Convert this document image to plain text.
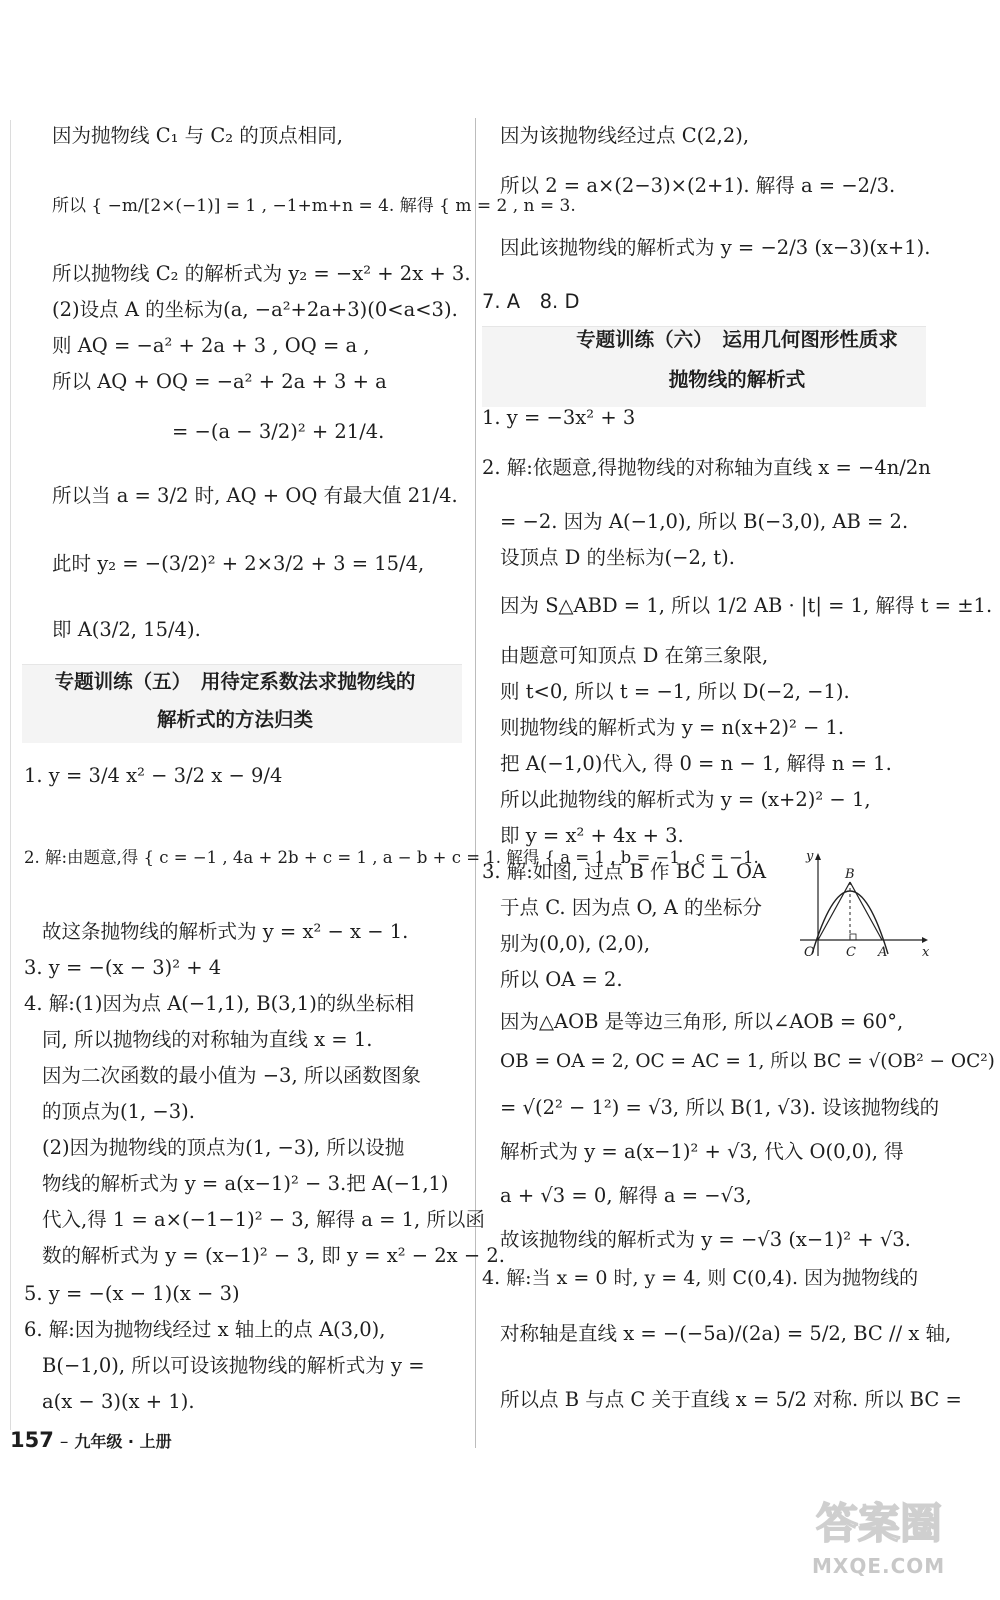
因为抛物线 C₁ 与 C₂ 的顶点相同,
所以 { −m/[2×(−1)] = 1 , −1+m+n = 4. 解得 { m = 2 , n = 3.
所以抛物线 C₂ 的解析式为 y₂ = −x² + 2x + 3.
(2)设点 A 的坐标为(a, −a²+2a+3)(0<a<3).
则 AQ = −a² + 2a + 3 , OQ = a ,
所以 AQ + OQ = −a² + 2a + 3 + a
= −(a − 3/2)² + 21/4.
所以当 a = 3/2 时, AQ + OQ 有最大值 21/4.
此时 y₂ = −(3/2)² + 2×3/2 + 3 = 15/4,
即 A(3/2, 15/4).
专题训练（五）　用待定系数法求抛物线的
解析式的方法归类
1. y = 3/4 x² − 3/2 x − 9/4
2. 解:由题意,得 { c = −1 , 4a + 2b + c = 1 , a − b + c = 1. 解得 { a = 1 , b = −1 , c = −1.
故这条抛物线的解析式为 y = x² − x − 1.
3. y = −(x − 3)² + 4
4. 解:(1)因为点 A(−1,1), B(3,1)的纵坐标相
同, 所以抛物线的对称轴为直线 x = 1.
因为二次函数的最小值为 −3, 所以函数图象
的顶点为(1, −3).
(2)因为抛物线的顶点为(1, −3), 所以设抛
物线的解析式为 y = a(x−1)² − 3.把 A(−1,1)
代入,得 1 = a×(−1−1)² − 3, 解得 a = 1, 所以函
数的解析式为 y = (x−1)² − 3, 即 y = x² − 2x − 2.
5. y = −(x − 1)(x − 3)
6. 解:因为抛物线经过 x 轴上的点 A(3,0),
B(−1,0), 所以可设该抛物线的解析式为 y =
a(x − 3)(x + 1).
因为该抛物线经过点 C(2,2),
所以 2 = a×(2−3)×(2+1). 解得 a = −2/3.
因此该抛物线的解析式为 y = −2/3 (x−3)(x+1).
7. A　8. D
专题训练（六）　运用几何图形性质求
抛物线的解析式
1. y = −3x² + 3
2. 解:依题意,得抛物线的对称轴为直线 x = −4n/2n
= −2. 因为 A(−1,0), 所以 B(−3,0), AB = 2.
设顶点 D 的坐标为(−2, t).
因为 S△ABD = 1, 所以 1/2 AB · |t| = 1, 解得 t = ±1.
由题意可知顶点 D 在第三象限,
则 t<0, 所以 t = −1, 所以 D(−2, −1).
则抛物线的解析式为 y = n(x+2)² − 1.
把 A(−1,0)代入, 得 0 = n − 1, 解得 n = 1.
所以此抛物线的解析式为 y = (x+2)² − 1,
即 y = x² + 4x + 3.
3. 解:如图, 过点 B 作 BC ⊥ OA
于点 C. 因为点 O, A 的坐标分
别为(0,0), (2,0),
所以 OA = 2.
因为△AOB 是等边三角形, 所以∠AOB = 60°,
OB = OA = 2, OC = AC = 1, 所以 BC = √(OB² − OC²)
= √(2² − 1²) = √3, 所以 B(1, √3). 设该抛物线的
解析式为 y = a(x−1)² + √3, 代入 O(0,0), 得
a + √3 = 0, 解得 a = −√3,
故该抛物线的解析式为 y = −√3 (x−1)² + √3.
4. 解:当 x = 0 时, y = 4, 则 C(0,4). 因为抛物线的
对称轴是直线 x = −(−5a)/(2a) = 5/2, BC // x 轴,
所以点 B 与点 C 关于直线 x = 5/2 对称. 所以 BC =
y
x
O
B
C A
157 – 九年级 · 上册
答案圈
MXQE.COM
